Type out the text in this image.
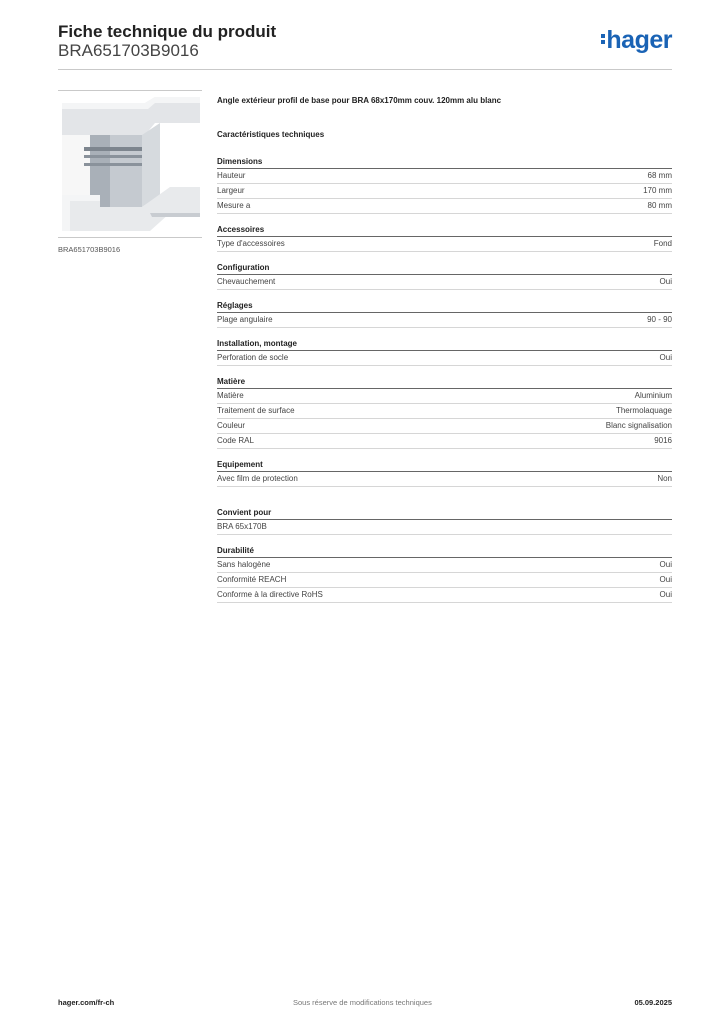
Fiche technique du produit
BRA651703B9016	hager
BRA651703B9016
Angle extérieur profil de base pour BRA 68x170mm couv. 120mm alu blanc
Caractéristiques techniques
Dimensions
Hauteur	68 mm
Largeur	170 mm
Mesure a	80 mm
Accessoires
Type d'accessoires	Fond
Configuration
Chevauchement	Oui
Réglages
Plage angulaire	90 - 90
Installation, montage
Perforation de socle	Oui
Matière
Matière	Aluminium
Traitement de surface	Thermolaquage
Couleur	Blanc signalisation
Code RAL	9016
Equipement
Avec film de protection	Non
Convient pour
BRA 65x170B
Durabilité
Sans halogène	Oui
Conformité REACH	Oui
Conforme à la directive RoHS	Oui
hager.com/fr-ch	Sous réserve de modifications techniques	05.09.2025
